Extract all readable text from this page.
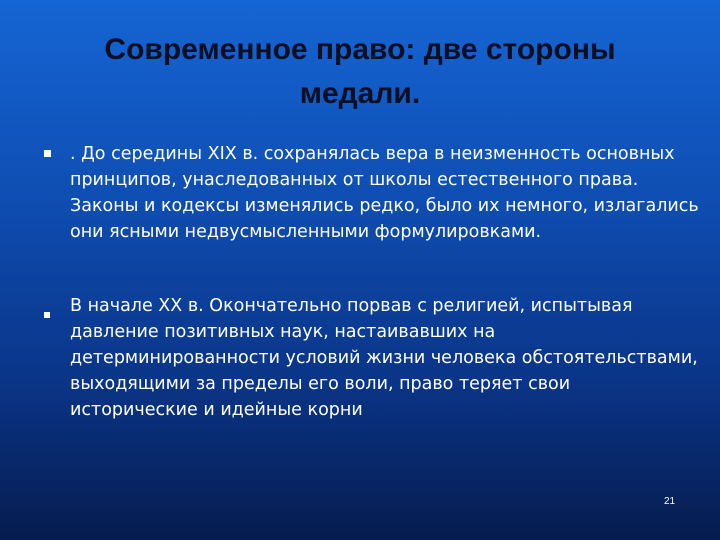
Современное право: две стороны
медали.

. До середины XIX в. сохранялась вера в неизменность основных принципов, унаследованных от школы естественного права. Законы и кодексы изменялись редко, было их немного, излагались они ясными недвусмысленными формулировками.

В начале XX в. Окончательно порвав с религией, испытывая давление позитивных наук, настаивавших на детерминированности условий жизни человека обстоятельствами, выходящими за пределы его воли, право теряет свои исторические и идейные корни

21
